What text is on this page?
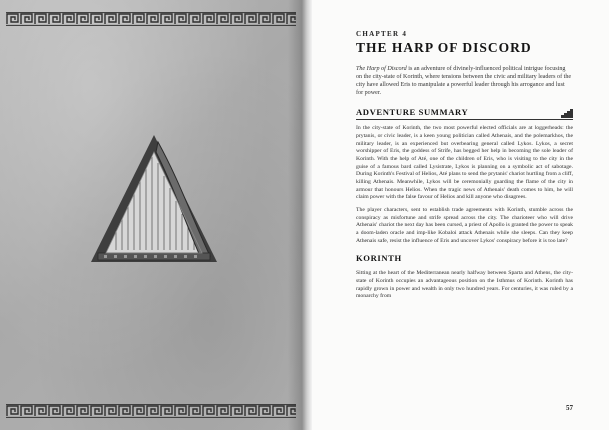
CHAPTER 4
THE HARP OF DISCORD

The Harp of Discord is an adventure of divinely-influenced political intrigue focusing on the city-state of Korinth, where tensions between the civic and military leaders of the city have allowed Eris to manipulate a powerful leader through his arrogance and lust for power.

ADVENTURE SUMMARY

In the city-state of Korinth, the two most powerful elected officials are at loggerheads: the prytanis, or civic leader, is a keen young politician called Athenais, and the polemarkhos, the military leader, is an experienced but overbearing general called Lykos. Lykos, a secret worshipper of Eris, the goddess of Strife, has begged her help in becoming the sole leader of Korinth. With the help of Até, one of the children of Eris, who is visiting to the city in the guise of a famous bard called Lysistrate, Lykos is planning on a symbolic act of sabotage. During Korinth's Festival of Helios, Até plans to send the prytanis' chariot hurtling from a cliff, killing Athenais. Meanwhile, Lykos will be ceremonially guarding the flame of the city in armour that honours Helios. When the tragic news of Athenais' death comes to him, he will claim power with the false favour of Helios and kill anyone who disagrees.

The player characters, sent to establish trade agreements with Korinth, stumble across the conspiracy as misfortune and strife spread across the city. The charioteer who will drive Athenais' chariot the next day has been cursed, a priest of Apollo is granted the power to speak a doom-laden oracle and imp-like Kobaloi attack Athenais while she sleeps. Can they keep Athenais safe, resist the influence of Eris and uncover Lykos' conspiracy before it is too late?

KORINTH

Sitting at the heart of the Mediterranean nearly halfway between Sparta and Athens, the city-state of Korinth occupies an advantageous position on the Isthmus of Korinth. Korinth has rapidly grown in power and wealth in only two hundred years. For centuries, it was ruled by a monarchy from

57
